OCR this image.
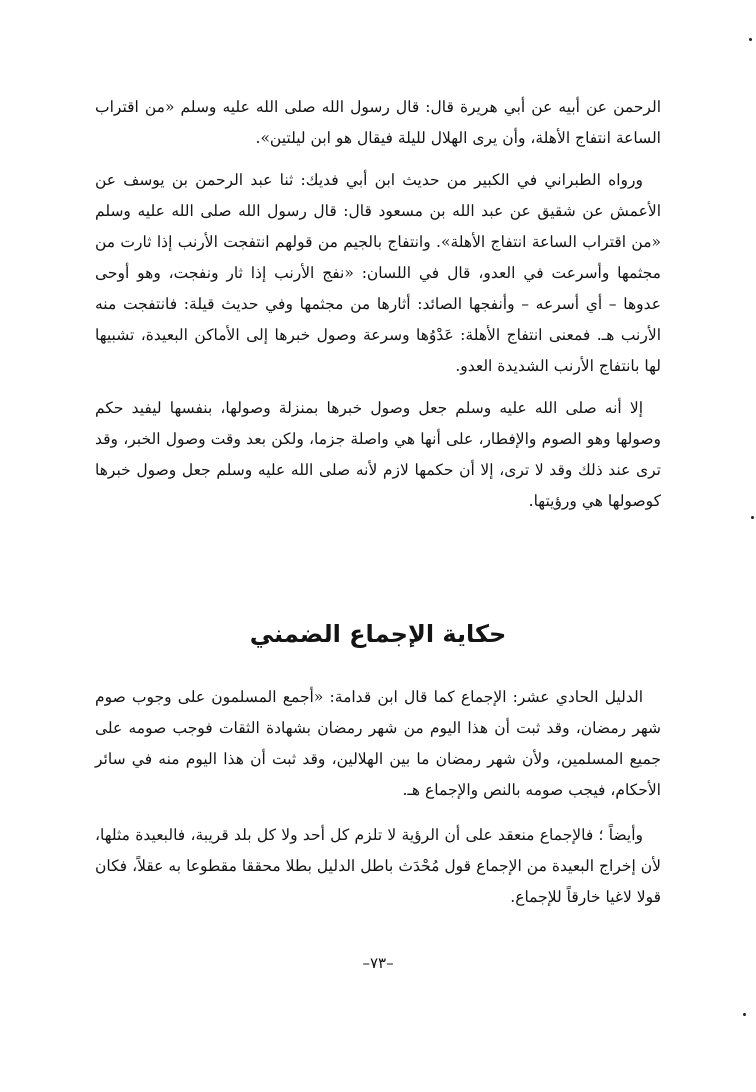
الرحمن عن أبيه عن أبي هريرة قال: قال رسول الله صلى الله عليه وسلم «من اقتراب الساعة انتفاج الأهلة، وأن يرى الهلال لليلة فيقال هو ابن ليلتين».

ورواه الطبراني في الكبير من حديث ابن أبي فديك: ثنا عبد الرحمن بن يوسف عن الأعمش عن شقيق عن عبد الله بن مسعود قال: قال رسول الله صلى الله عليه وسلم «من اقتراب الساعة انتفاج الأهلة». وانتفاج بالجيم من قولهم انتفجت الأرنب إذا ثارت من مجثمها وأسرعت في العدو، قال في اللسان: «نفج الأرنب إذا ثار ونفجت، وهو أوحى عدوها – أي أسرعه – وأنفجها الصائد: أثارها من مجثمها وفي حديث قيلة: فانتفجت منه الأرنب هـ. فمعنى انتفاج الأهلة: عَدْوُها وسرعة وصول خبرها إلى الأماكن البعيدة، تشبيها لها بانتفاج الأرنب الشديدة العدو.

إلا أنه صلى الله عليه وسلم جعل وصول خبرها بمنزلة وصولها، بنفسها ليفيد حكم وصولها وهو الصوم والإفطار، على أنها هي واصلة جزما، ولكن بعد وقت وصول الخبر، وقد ترى عند ذلك وقد لا ترى، إلا أن حكمها لازم لأنه صلى الله عليه وسلم جعل وصول خبرها كوصولها هي ورؤيتها.

حكاية الإجماع الضمني

الدليل الحادي عشر: الإجماع كما قال ابن قدامة: «أجمع المسلمون على وجوب صوم شهر رمضان، وقد ثبت أن هذا اليوم من شهر رمضان بشهادة الثقات فوجب صومه على جميع المسلمين، ولأن شهر رمضان ما بين الهلالين، وقد ثبت أن هذا اليوم منه في سائر الأحكام، فيجب صومه بالنص والإجماع هـ.

وأيضاً ؛ فالإجماع منعقد على أن الرؤية لا تلزم كل أحد ولا كل بلد قريبة، فالبعيدة مثلها، لأن إخراج البعيدة من الإجماع قول مُحْدَث باطل الدليل بطلا محققا مقطوعا به عقلاً، فكان قولا لاغيا خارقاً للإجماع.

–٧٣–
